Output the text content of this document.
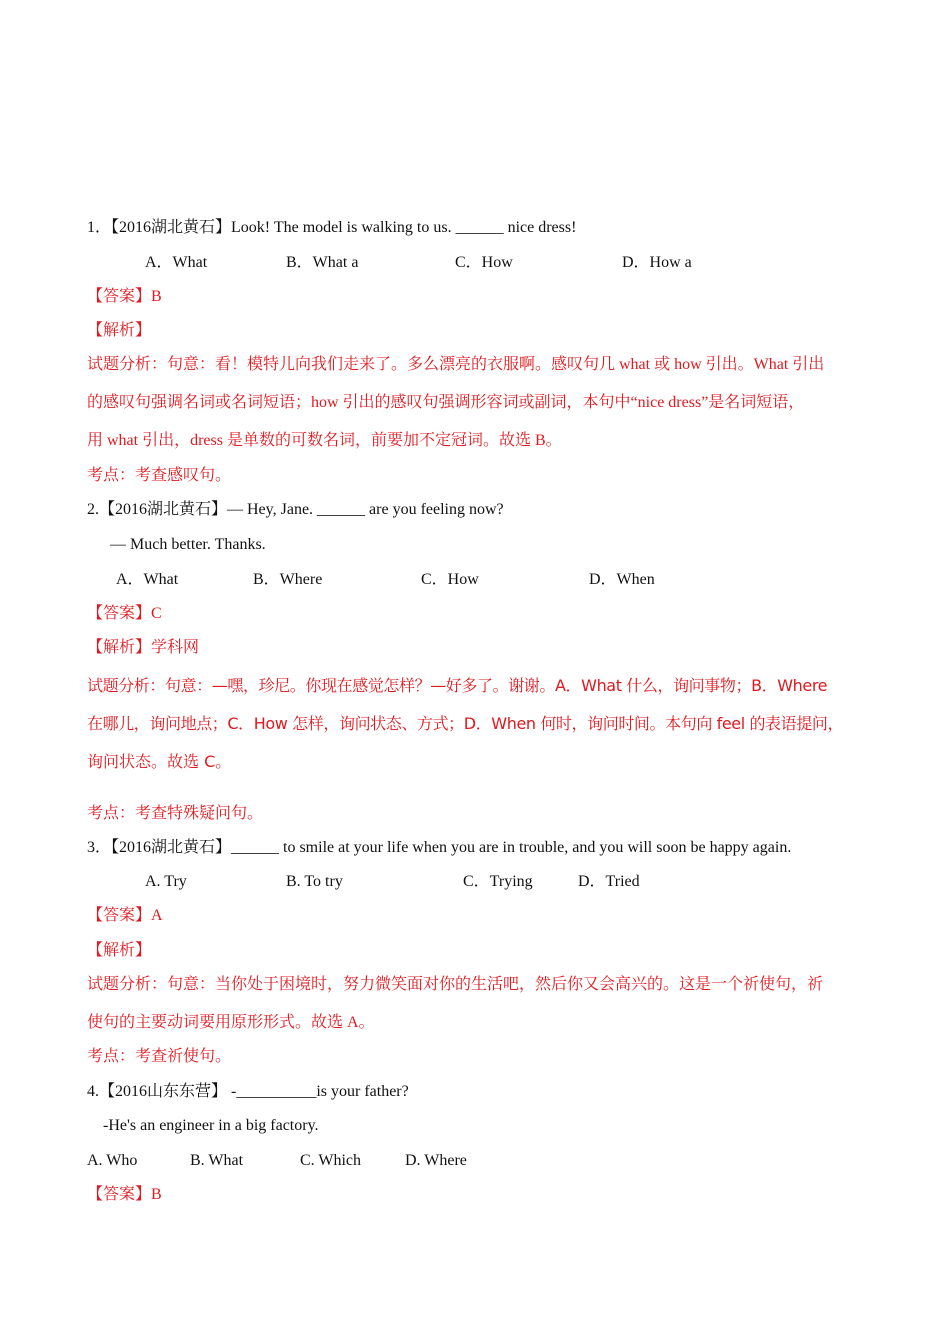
1．【2016湖北黄石】Look! The model is walking to us. ______ nice dress!
A．What	B．What a	C．How	D．How a
【答案】B
【解析】
试题分析：句意：看！模特儿向我们走来了。多么漂亮的衣服啊。感叹句几 what 或 how 引出。What 引出
的感叹句强调名词或名词短语；how 引出的感叹句强调形容词或副词，本句中“nice dress”是名词短语，
用 what 引出，dress 是单数的可数名词，前要加不定冠词。故选 B。
考点：考查感叹句。
2.【2016湖北黄石】— Hey, Jane. ______ are you feeling now?
— Much better. Thanks.
A．What	B．Where	C．How	D．When
【答案】C
【解析】学科网
试题分析：句意：—嘿，珍尼。你现在感觉怎样？—好多了。谢谢。A．What 什么，询问事物；B．Where
在哪儿，询问地点；C．How 怎样，询问状态、方式；D．When 何时，询问时间。本句向 feel 的表语提问，
询问状态。故选 C。
考点：考查特殊疑问句。
3．【2016湖北黄石】______ to smile at your life when you are in trouble, and you will soon be happy again.
A. Try	B. To try	C．Trying	D．Tried
【答案】A
【解析】
试题分析：句意：当你处于困境时，努力微笑面对你的生活吧，然后你又会高兴的。这是一个祈使句，祈
使句的主要动词要用原形形式。故选 A。
考点：考查祈使句。
4.【2016山东东营】 -__________is your father?
-He's an engineer in a big factory.
A. Who	B. What	C. Which	D. Where
【答案】B
